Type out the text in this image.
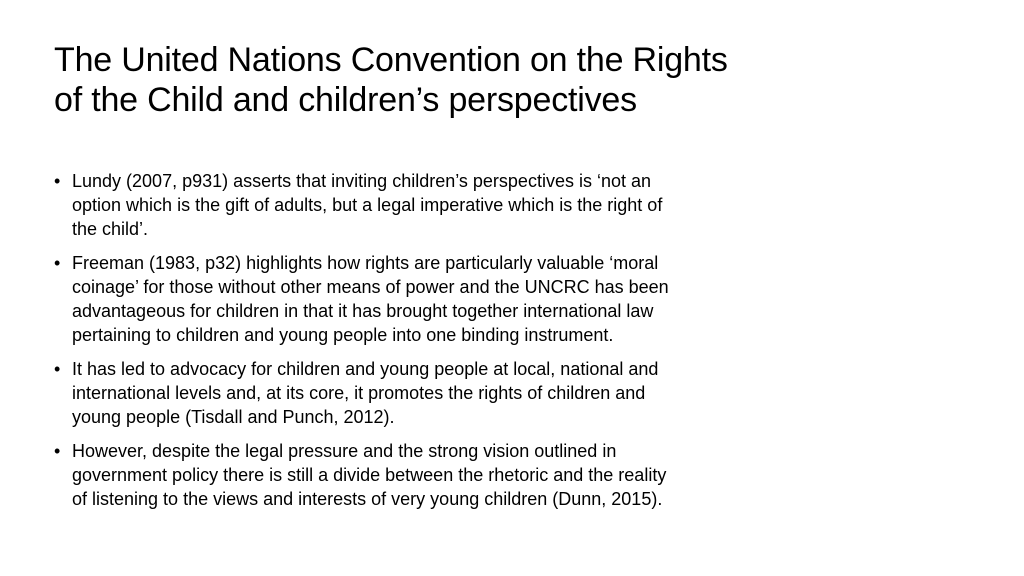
The United Nations Convention on the Rights
of the Child and children’s perspectives
• Lundy (2007, p931) asserts that inviting children’s perspectives is ‘not an
option which is the gift of adults, but a legal imperative which is the right of
the child’.
• Freeman (1983, p32) highlights how rights are particularly valuable ‘moral
coinage’ for those without other means of power and the UNCRC has been
advantageous for children in that it has brought together international law
pertaining to children and young people into one binding instrument.
• It has led to advocacy for children and young people at local, national and
international levels and, at its core, it promotes the rights of children and
young people (Tisdall and Punch, 2012).
• However, despite the legal pressure and the strong vision outlined in
government policy there is still a divide between the rhetoric and the reality
of listening to the views and interests of very young children (Dunn, 2015).
